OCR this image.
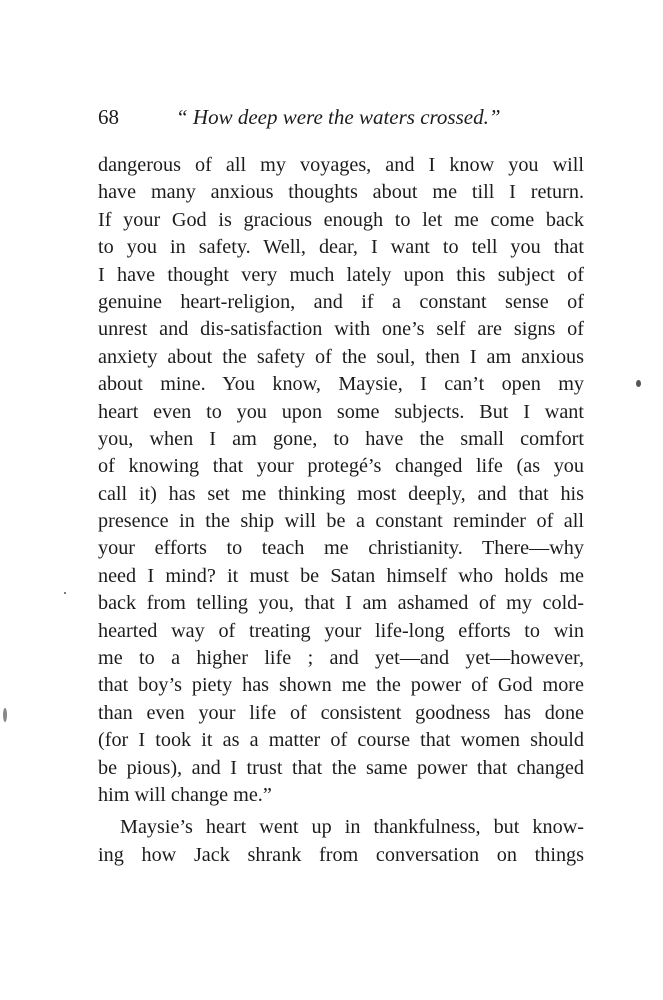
68	“ How deep were the waters crossed.”
dangerous of all my voyages, and I know you will
have many anxious thoughts about me till I return.
If your God is gracious enough to let me come back
to you in safety. Well, dear, I want to tell you that
I have thought very much lately upon this subject of
genuine heart-religion, and if a constant sense of
unrest and dis-satisfaction with one’s self are signs of
anxiety about the safety of the soul, then I am anxious
about mine. You know, Maysie, I can’t open my
heart even to you upon some subjects. But I want
you, when I am gone, to have the small comfort
of knowing that your protegé’s changed life (as you
call it) has set me thinking most deeply, and that his
presence in the ship will be a constant reminder of all
your efforts to teach me christianity. There—why
need I mind? it must be Satan himself who holds me
back from telling you, that I am ashamed of my cold-
hearted way of treating your life-long efforts to win
me to a higher life ; and yet—and yet—however,
that boy’s piety has shown me the power of God more
than even your life of consistent goodness has done
(for I took it as a matter of course that women should
be pious), and I trust that the same power that changed
him will change me.”
Maysie’s heart went up in thankfulness, but know-
ing how Jack shrank from conversation on things
